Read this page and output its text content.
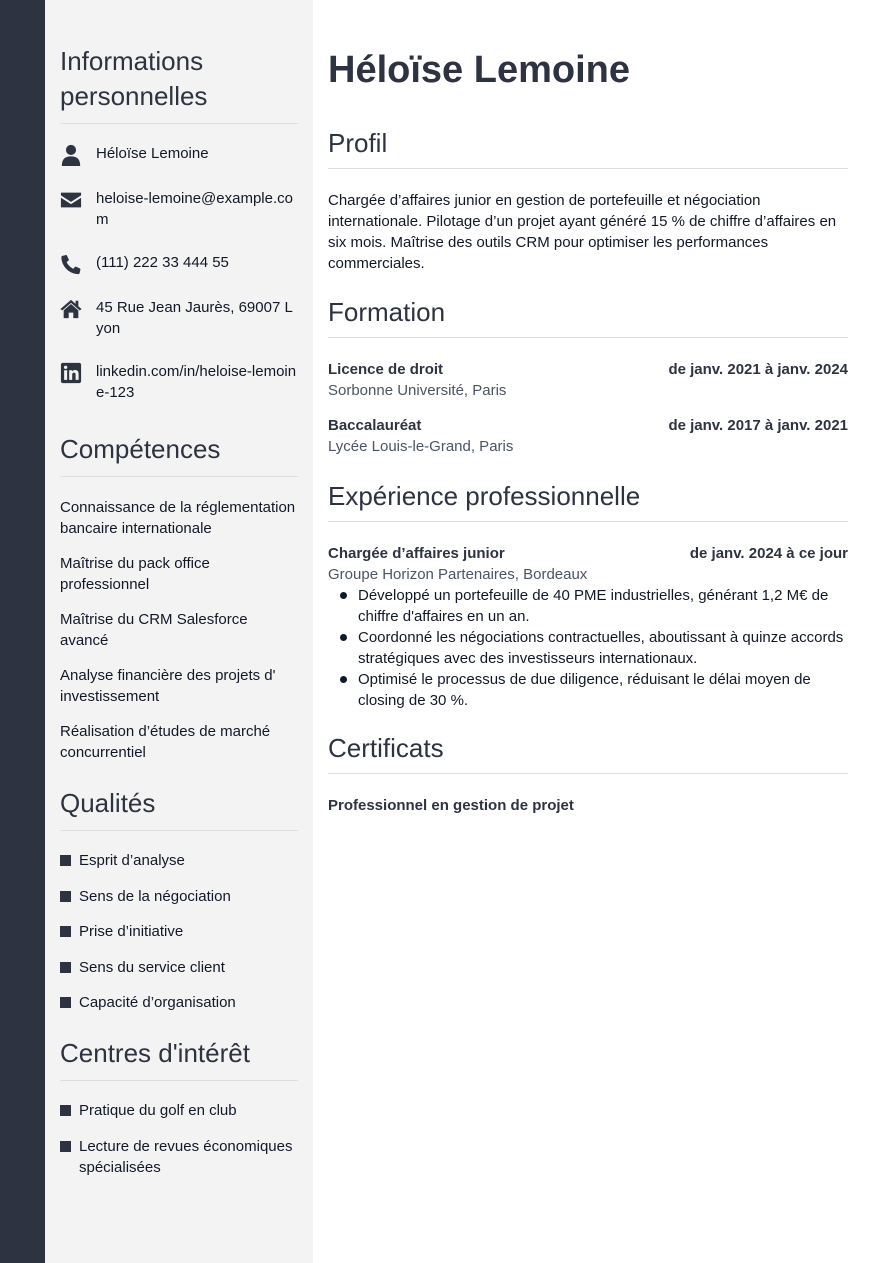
Informations personnelles
Héloïse Lemoine
heloise-lemoine@example.com
(111) 222 33 444 55
45 Rue Jean Jaurès, 69007 Lyon
linkedin.com/in/heloise-lemoine-123
Compétences
Connaissance de la réglementation bancaire internationale
Maîtrise du pack office professionnel
Maîtrise du CRM Salesforce avancé
Analyse financière des projets d' investissement
Réalisation d’études de marché concurrentiel
Qualités
Esprit d’analyse
Sens de la négociation
Prise d’initiative
Sens du service client
Capacité d’organisation
Centres d'intérêt
Pratique du golf en club
Lecture de revues économiques spécialisées
Héloïse Lemoine
Profil

Chargée d’affaires junior en gestion de portefeuille et négociation internationale. Pilotage d’un projet ayant généré 15 % de chiffre d’affaires en six mois. Maîtrise des outils CRM pour optimiser les performances commerciales.

Formation
Licence de droit	de janv. 2021 à janv. 2024
Sorbonne Université, Paris
Baccalauréat	de janv. 2017 à janv. 2021
Lycée Louis-le-Grand, Paris
Expérience professionnelle
Chargée d’affaires junior	de janv. 2024 à ce jour
Groupe Horizon Partenaires, Bordeaux
Développé un portefeuille de 40 PME industrielles, générant 1,2 M€ de chiffre d'affaires en un an.
Coordonné les négociations contractuelles, aboutissant à quinze accords stratégiques avec des investisseurs internationaux.
Optimisé le processus de due diligence, réduisant le délai moyen de closing de 30 %.
Certificats
Professionnel en gestion de projet
